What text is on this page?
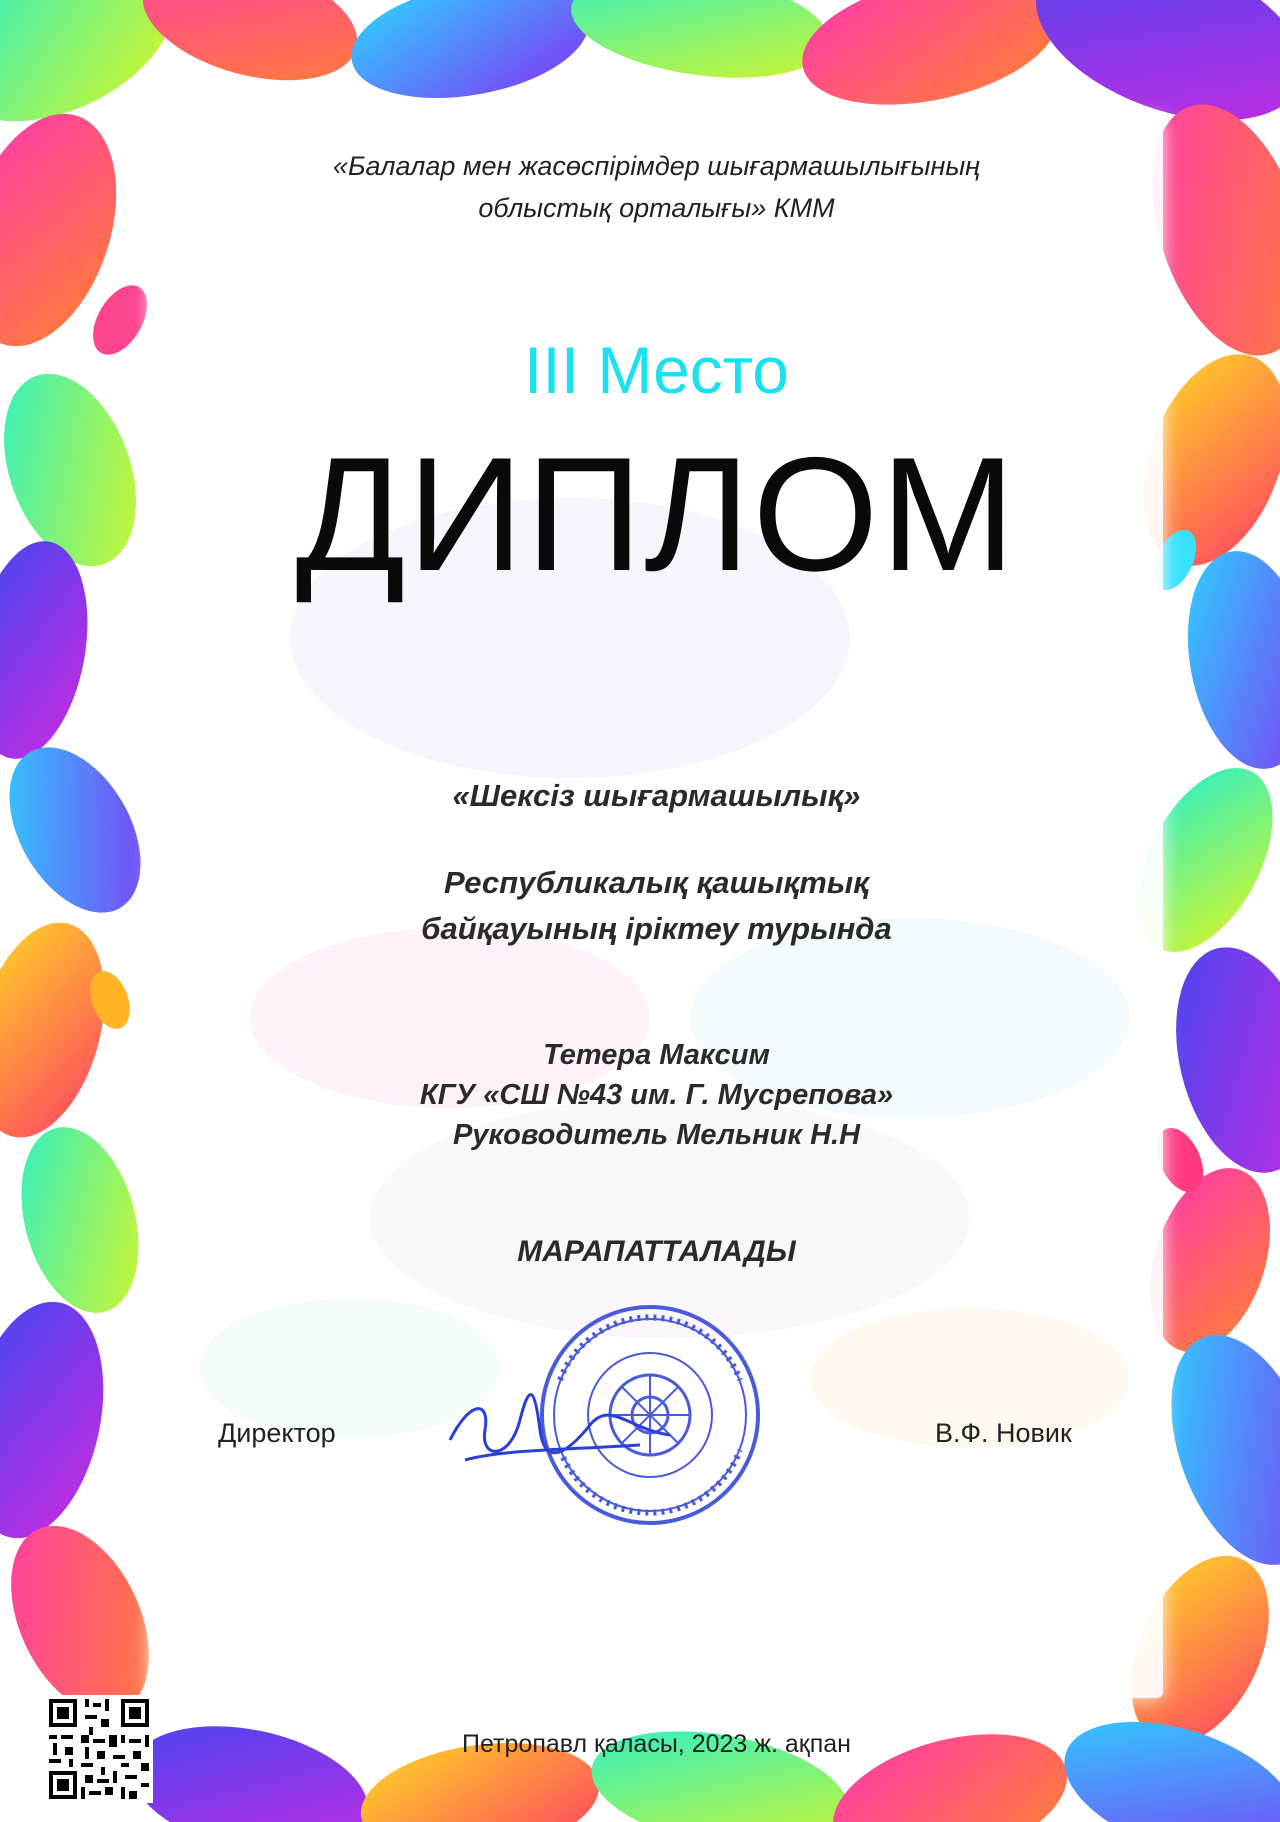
«Балалар мен жасөспірімдер шығармашылығының
облыстық орталығы» КММ
III Место
ДИПЛОМ
«Шексіз шығармашылық»
Республикалық қашықтық
байқауының іріктеу турында
Тетера Максим
КГУ «СШ №43 им. Г. Мусрепова»
Руководитель Мельник Н.Н
МАРАПАТТАЛАДЫ
Директор	В.Ф. Новик
Петропавл қаласы, 2023 ж. ақпан
